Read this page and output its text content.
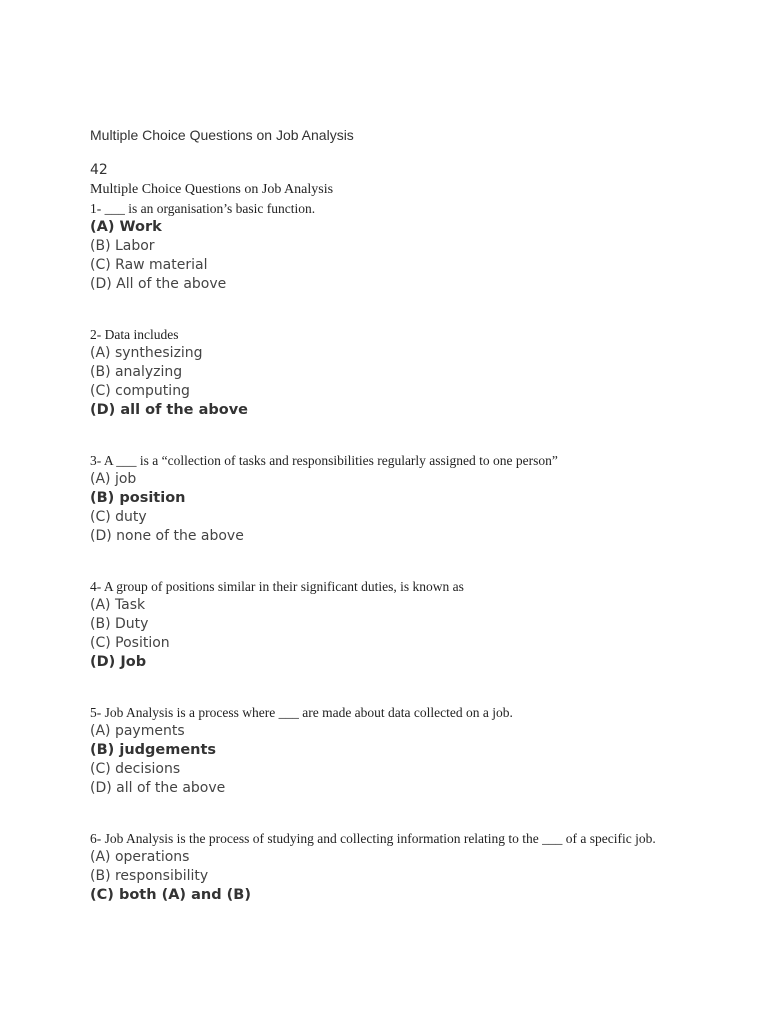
Multiple Choice Questions on Job Analysis
42

Multiple Choice Questions on Job Analysis

1- ___ is an organisation’s basic function.

(A) Work
(B) Labor
(C) Raw material
(D) All of the above

2- Data includes

(A) synthesizing
(B) analyzing
(C) computing
(D) all of the above

3- A ___ is a “collection of tasks and responsibilities regularly assigned to one person”

(A) job
(B) position
(C) duty
(D) none of the above

4- A group of positions similar in their significant duties, is known as

(A) Task
(B) Duty
(C) Position
(D) Job

5- Job Analysis is a process where ___ are made about data collected on a job.

(A) payments
(B) judgements
(C) decisions
(D) all of the above

6- Job Analysis is the process of studying and collecting information relating to the ___ of a specific job.

(A) operations
(B) responsibility
(C) both (A) and (B)
